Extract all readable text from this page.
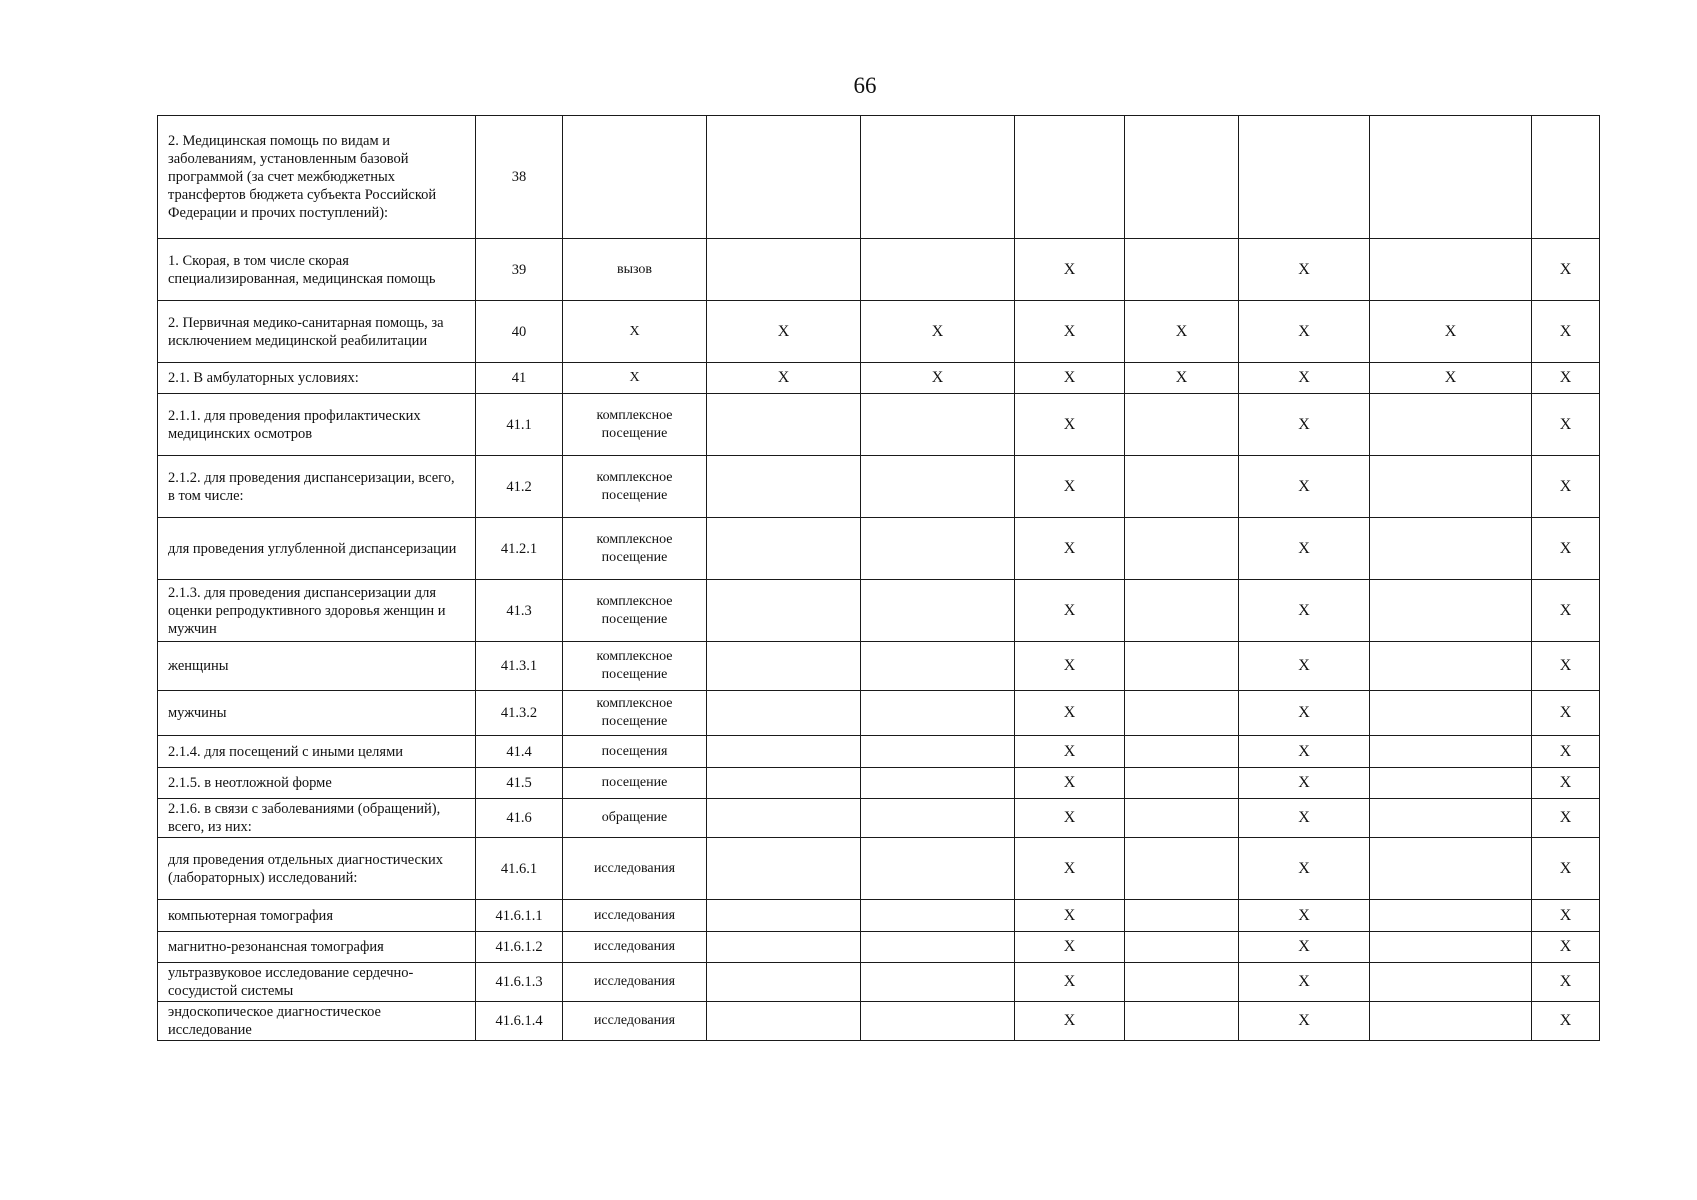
66
2. Медицинская помощь по видам и заболеваниям, установленным базовой программой (за счет межбюджетных трансфертов бюджета субъекта Российской Федерации и прочих поступлений):	38								
1. Скорая, в том числе скорая специализированная, медицинская помощь	39	вызов			X		X		X
2. Первичная медико-санитарная помощь, за исключением медицинской реабилитации	40	X	X	X	X	X	X	X	X
2.1. В амбулаторных условиях:	41	X	X	X	X	X	X	X	X
2.1.1. для проведения профилактических медицинских осмотров	41.1	комплексное посещение			X		X		X
2.1.2. для проведения диспансеризации, всего, в том числе:	41.2	комплексное посещение			X		X		X
для проведения углубленной диспансеризации	41.2.1	комплексное посещение			X		X		X
2.1.3. для проведения диспансеризации для оценки репродуктивного здоровья женщин и мужчин	41.3	комплексное посещение			X		X		X
женщины	41.3.1	комплексное посещение			X		X		X
мужчины	41.3.2	комплексное посещение			X		X		X
2.1.4. для посещений с иными целями	41.4	посещения			X		X		X
2.1.5. в неотложной форме	41.5	посещение			X		X		X
2.1.6. в связи с заболеваниями (обращений), всего, из них:	41.6	обращение			X		X		X
для проведения отдельных диагностических (лабораторных) исследований:	41.6.1	исследования			X		X		X
компьютерная томография	41.6.1.1	исследования			X		X		X
магнитно-резонансная томография	41.6.1.2	исследования			X		X		X
ультразвуковое исследование сердечно-сосудистой системы	41.6.1.3	исследования			X		X		X
эндоскопическое диагностическое исследование	41.6.1.4	исследования			X		X		X
